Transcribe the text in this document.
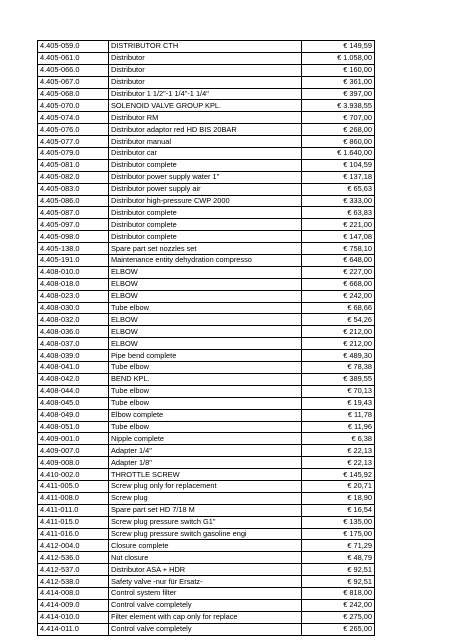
4.405-059.0	DISTRIBUTOR CTH	€ 149,59
4.405-061.0	Distributor	€ 1.058,00
4.405-066.0	Distributor	€ 160,00
4.405-067.0	Distributor	€ 361,00
4.405-068.0	Distributor 1 1/2"-1 1/4"-1 1/4"	€ 397,00
4.405-070.0	SOLENOID VALVE GROUP KPL.	€ 3.938,55
4.405-074.0	Distributor RM	€ 707,00
4.405-076.0	Distributor adaptor red HD BIS 20BAR	€ 268,00
4.405-077.0	Distributor manual	€ 860,00
4.405-079.0	Distributor car	€ 1.640,00
4.405-081.0	Distributor complete	€ 104,59
4.405-082.0	Distributor power supply water 1"	€ 137,18
4.405-083.0	Distributor power supply air	€ 65,63
4.405-086.0	Distributor high-pressure CWP 2000	€ 333,00
4.405-087.0	Distributor complete	€ 63,83
4.405-097.0	Distributor complete	€ 221,00
4.405-098.0	Distributor complete	€ 147,08
4.405-138.0	Spare part set nozzles set	€ 758,10
4.405-191.0	Maintenance entity dehydration compresso	€ 648,00
4.408-010.0	ELBOW	€ 227,00
4.408-018.0	ELBOW	€ 668,00
4.408-023.0	ELBOW	€ 242,00
4.408-030.0	Tube elbow	€ 68,66
4.408-032.0	ELBOW	€ 54,26
4.408-036.0	ELBOW	€ 212,00
4.408-037.0	ELBOW	€ 212,00
4.408-039.0	Pipe bend complete	€ 489,30
4.408-041.0	Tube elbow	€ 78,38
4.408-042.0	BEND KPL.	€ 389,55
4.408-044.0	Tube elbow	€ 70,13
4.408-045.0	Tube elbow	€ 19,43
4.408-049.0	Elbow complete	€ 11,78
4.408-051.0	Tube elbow	€ 11,96
4.409-001.0	Nipple complete	€ 6,38
4.409-007.0	Adapter 1/4"	€ 22,13
4.409-008.0	Adapter 1/8"	€ 22,13
4.410-002.0	THROTTLE SCREW	€ 145,92
4.411-005.0	Screw plug only for replacement	€ 20,71
4.411-008.0	Screw plug	€ 18,90
4.411-011.0	Spare part set HD 7/18 M	€ 16,54
4.411-015.0	Screw plug pressure switch G1"	€ 135,00
4.411-016.0	Screw plug pressure switch gasoline engi	€ 175,00
4.412-004.0	Closure complete	€ 71,29
4.412-536.0	Nut closure	€ 48,79
4.412-537.0	Distributor ASA + HDR	€ 92,51
4.412-538.0	Safety valve -nur für Ersatz-	€ 92,51
4.414-008.0	Control system filter	€ 818,00
4.414-009.0	Control valve completely	€ 242,00
4.414-010.0	Filter element with cap only for replace	€ 275,00
4.414-011.0	Control valve completely	€ 265,00
